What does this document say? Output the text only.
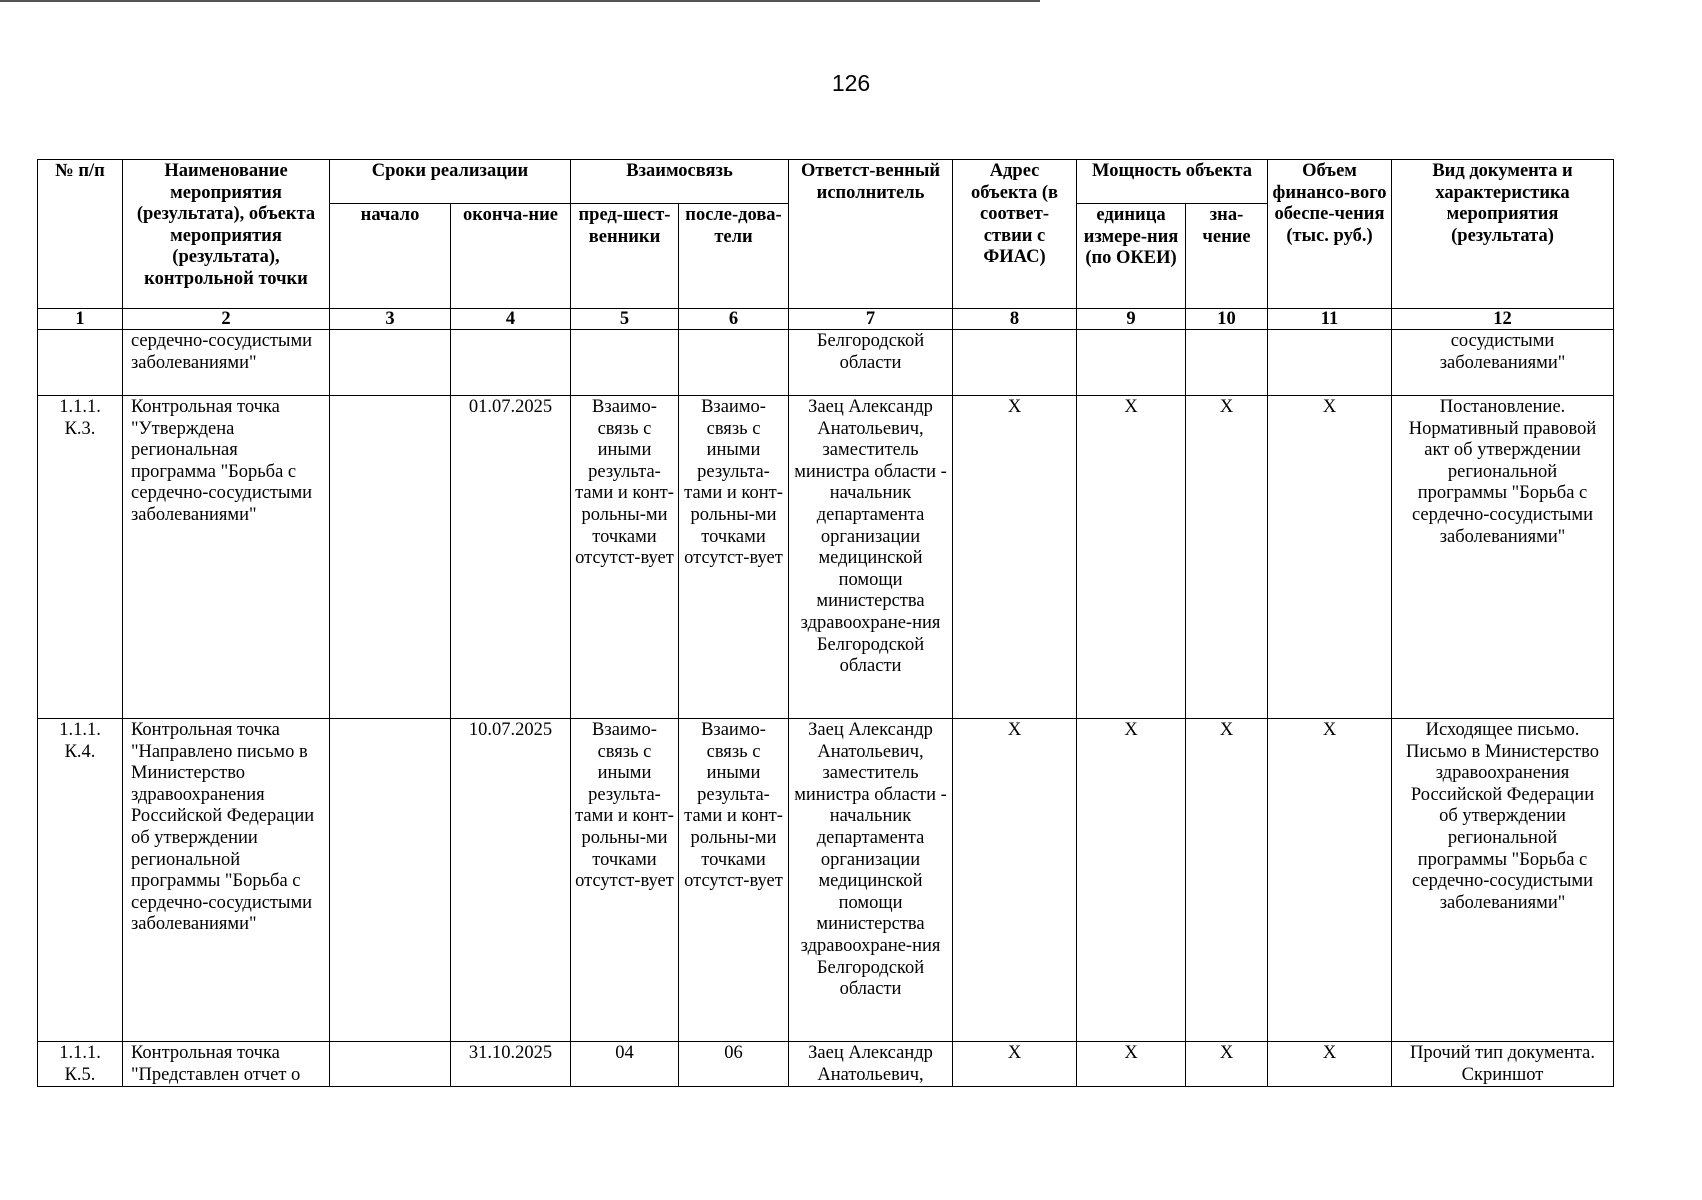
126
№ п/п	Наименование мероприятия (результата), объекта мероприятия (результата), контрольной точки	Сроки реализации		Взаимосвязь		Ответст-венный исполнитель	Адрес объекта (в соответ-ствии с ФИАС)	Мощность объекта		Объем финансо-вого обеспе-чения (тыс. руб.)	Вид документа и характеристика мероприятия (результата)
		начало	оконча-ние	пред-шест-венники	после-дова-тели			единица измере-ния (по ОКЕИ)	зна-чение		
1	2	3	4	5	6	7	8	9	10	11	12
	сердечно-сосудистыми заболеваниями"					Белгородской области					сосудистыми заболеваниями"
1.1.1. К.3.	Контрольная точка "Утверждена региональная программа "Борьба с сердечно-сосудистыми заболеваниями"		01.07.2025	Взаимо-связь с иными результа-тами и конт-рольны-ми точками отсутст-вует	Взаимо-связь с иными результа-тами и конт-рольны-ми точками отсутст-вует	Заец Александр Анатольевич, заместитель министра области - начальник департамента организации медицинской помощи министерства здравоохране-ния Белгородской области	X	X	X	X	Постановление. Нормативный правовой акт об утверждении региональной программы "Борьба с сердечно-сосудистыми заболеваниями"
1.1.1. К.4.	Контрольная точка "Направлено письмо в Министерство здравоохранения Российской Федерации об утверждении региональной программы "Борьба с сердечно-сосудистыми заболеваниями"		10.07.2025	Взаимо-связь с иными результа-тами и конт-рольны-ми точками отсутст-вует	Взаимо-связь с иными результа-тами и конт-рольны-ми точками отсутст-вует	Заец Александр Анатольевич, заместитель министра области - начальник департамента организации медицинской помощи министерства здравоохране-ния Белгородской области	X	X	X	X	Исходящее письмо. Письмо в Министерство здравоохранения Российской Федерации об утверждении региональной программы "Борьба с сердечно-сосудистыми заболеваниями"
1.1.1. К.5.	Контрольная точка "Представлен отчет о		31.10.2025	04	06	Заец Александр Анатольевич,	X	X	X	X	Прочий тип документа. Скриншот
